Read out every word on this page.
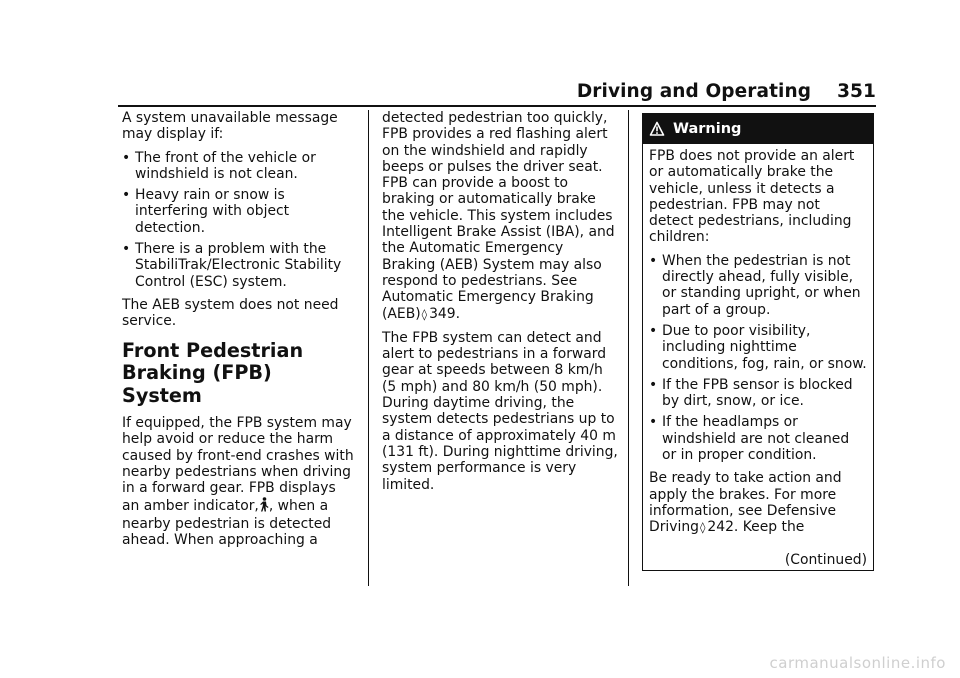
Driving and Operating 351

A system unavailable message may display if:

• The front of the vehicle or windshield is not clean.
• Heavy rain or snow is interfering with object detection.
• There is a problem with the StabiliTrak/Electronic Stability Control (ESC) system.

The AEB system does not need service.

Front Pedestrian Braking (FPB) System

If equipped, the FPB system may help avoid or reduce the harm caused by front-end crashes with nearby pedestrians when driving in a forward gear. FPB displays an amber indicator, , when a nearby pedestrian is detected ahead. When approaching a

detected pedestrian too quickly, FPB provides a red flashing alert on the windshield and rapidly beeps or pulses the driver seat. FPB can provide a boost to braking or automatically brake the vehicle. This system includes Intelligent Brake Assist (IBA), and the Automatic Emergency Braking (AEB) System may also respond to pedestrians. See Automatic Emergency Braking (AEB)◊ 349.

The FPB system can detect and alert to pedestrians in a forward gear at speeds between 8 km/h (5 mph) and 80 km/h (50 mph). During daytime driving, the system detects pedestrians up to a distance of approximately 40 m (131 ft). During nighttime driving, system performance is very limited.

Warning

FPB does not provide an alert or automatically brake the vehicle, unless it detects a pedestrian. FPB may not detect pedestrians, including children:

• When the pedestrian is not directly ahead, fully visible, or standing upright, or when part of a group.
• Due to poor visibility, including nighttime conditions, fog, rain, or snow.
• If the FPB sensor is blocked by dirt, snow, or ice.
• If the headlamps or windshield are not cleaned or in proper condition.

Be ready to take action and apply the brakes. For more information, see Defensive Driving◊ 242. Keep the

(Continued)
carmanualsonline.info
